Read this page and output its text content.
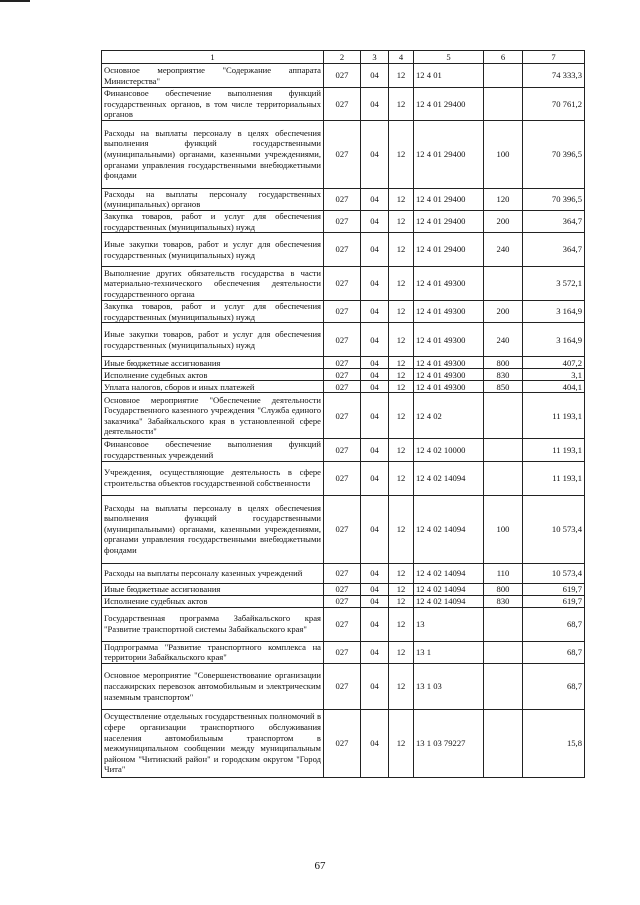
1	2	3	4	5	6	7
Основное мероприятие "Содержание аппарата Министерства"	027	04	12	12 4 01		74 333,3
Финансовое обеспечение выполнения функций государственных органов, в том числе территориальных органов	027	04	12	12 4 01 29400		70 761,2
Расходы на выплаты персоналу в целях обеспечения выполнения функций государственными (муниципальными) органами, казенными учреждениями, органами управления государственными внебюджетными фондами	027	04	12	12 4 01 29400	100	70 396,5
Расходы на выплаты персоналу государственных (муниципальных) органов	027	04	12	12 4 01 29400	120	70 396,5
Закупка товаров, работ и услуг для обеспечения государственных (муниципальных) нужд	027	04	12	12 4 01 29400	200	364,7
Иные закупки товаров, работ и услуг для обеспечения государственных (муниципальных) нужд	027	04	12	12 4 01 29400	240	364,7
Выполнение других обязательств государства в части материально-технического обеспечения деятельности государственного органа	027	04	12	12 4 01 49300		3 572,1
Закупка товаров, работ и услуг для обеспечения государственных (муниципальных) нужд	027	04	12	12 4 01 49300	200	3 164,9
Иные закупки товаров, работ и услуг для обеспечения государственных (муниципальных) нужд	027	04	12	12 4 01 49300	240	3 164,9
Иные бюджетные ассигнования	027	04	12	12 4 01 49300	800	407,2
Исполнение судебных актов	027	04	12	12 4 01 49300	830	3,1
Уплата налогов, сборов и иных платежей	027	04	12	12 4 01 49300	850	404,1
Основное мероприятие "Обеспечение деятельности Государственного казенного учреждения "Служба единого заказчика" Забайкальского края в установленной сфере деятельности"	027	04	12	12 4 02		11 193,1
Финансовое обеспечение выполнения функций государственных учреждений	027	04	12	12 4 02 10000		11 193,1
Учреждения, осуществляющие деятельность в сфере строительства объектов государственной собственности	027	04	12	12 4 02 14094		11 193,1
Расходы на выплаты персоналу в целях обеспечения выполнения функций государственными (муниципальными) органами, казенными учреждениями, органами управления государственными внебюджетными фондами	027	04	12	12 4 02 14094	100	10 573,4
Расходы на выплаты персоналу казенных учреждений	027	04	12	12 4 02 14094	110	10 573,4
Иные бюджетные ассигнования	027	04	12	12 4 02 14094	800	619,7
Исполнение судебных актов	027	04	12	12 4 02 14094	830	619,7
Государственная программа Забайкальского края "Развитие транспортной системы Забайкальского края"	027	04	12	13		68,7
Подпрограмма "Развитие транспортного комплекса на территории Забайкальского края"	027	04	12	13 1		68,7
Основное мероприятие "Совершенствование организации пассажирских перевозок автомобильным и электрическим наземным транспортом"	027	04	12	13 1 03		68,7
Осуществление отдельных государственных полномочий в сфере организации транспортного обслуживания населения автомобильным транспортом в межмуниципальном сообщении между муниципальным районом "Читинский район" и городским округом "Город Чита"	027	04	12	13 1 03 79227		15,8
67
